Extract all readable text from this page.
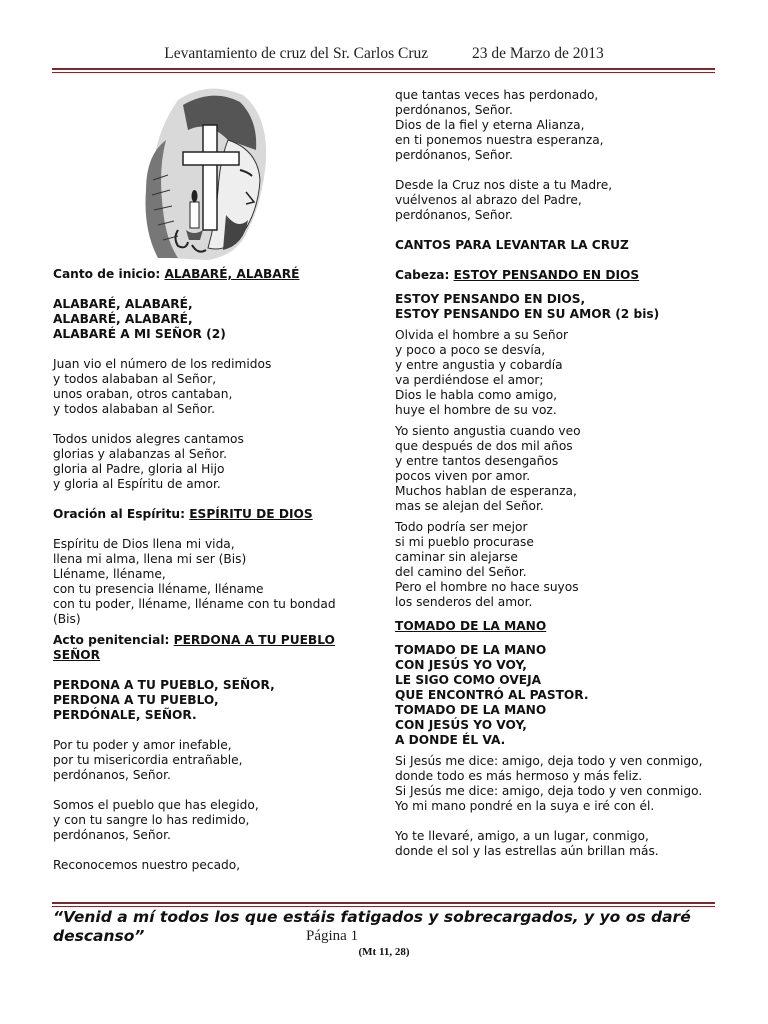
Levantamiento de cruz del Sr. Carlos Cruz	23 de Marzo de 2013

Canto de inicio: ALABARÉ, ALABARÉ

ALABARÉ, ALABARÉ,
ALABARÉ, ALABARÉ,
ALABARÉ A MI SEÑOR (2)

Juan vio el número de los redimidos
y todos alababan al Señor,
unos oraban, otros cantaban,
y todos alababan al Señor.

Todos unidos alegres cantamos
glorias y alabanzas al Señor.
gloria al Padre, gloria al Hijo
y gloria al Espíritu de amor.

Oración al Espíritu: ESPÍRITU DE DIOS

Espíritu de Dios llena mi vida,
llena mi alma, llena mi ser (Bis)
Lléname, lléname,
con tu presencia lléname, lléname
con tu poder, lléname, lléname con tu bondad
(Bis)

Acto penitencial: PERDONA A TU PUEBLO SEÑOR

PERDONA A TU PUEBLO, SEÑOR,
PERDONA A TU PUEBLO,
PERDÓNALE, SEÑOR.

Por tu poder y amor inefable,
por tu misericordia entrañable,
perdónanos, Señor.

Somos el pueblo que has elegido,
y con tu sangre lo has redimido,
perdónanos, Señor.

Reconocemos nuestro pecado,

que tantas veces has perdonado,
perdónanos, Señor.
Dios de la fiel y eterna Alianza,
en ti ponemos nuestra esperanza,
perdónanos, Señor.

Desde la Cruz nos diste a tu Madre,
vuélvenos al abrazo del Padre,
perdónanos, Señor.

CANTOS PARA LEVANTAR LA CRUZ

Cabeza: ESTOY PENSANDO EN DIOS

ESTOY PENSANDO EN DIOS,
ESTOY PENSANDO EN SU AMOR (2 bis)

Olvida el hombre a su Señor
y poco a poco se desvía,
y entre angustia y cobardía
va perdiéndose el amor;
Dios le habla como amigo,
huye el hombre de su voz.

Yo siento angustia cuando veo
que después de dos mil años
y entre tantos desengaños
pocos viven por amor.
Muchos hablan de esperanza,
mas se alejan del Señor.

Todo podría ser mejor
si mi pueblo procurase
caminar sin alejarse
del camino del Señor.
Pero el hombre no hace suyos
los senderos del amor.

TOMADO DE LA MANO

TOMADO DE LA MANO
CON JESÚS YO VOY,
LE SIGO COMO OVEJA
QUE ENCONTRÓ AL PASTOR.
TOMADO DE LA MANO
CON JESÚS YO VOY,
A DONDE ÉL VA.

Si Jesús me dice: amigo, deja todo y ven conmigo,
donde todo es más hermoso y más feliz.
Si Jesús me dice: amigo, deja todo y ven conmigo.
Yo mi mano pondré en la suya e iré con él.

Yo te llevaré, amigo, a un lugar, conmigo,
donde el sol y las estrellas aún brillan más.

“Venid a mí todos los que estáis fatigados y sobrecargados, y yo os daré descanso”	Página 1
(Mt 11, 28)
